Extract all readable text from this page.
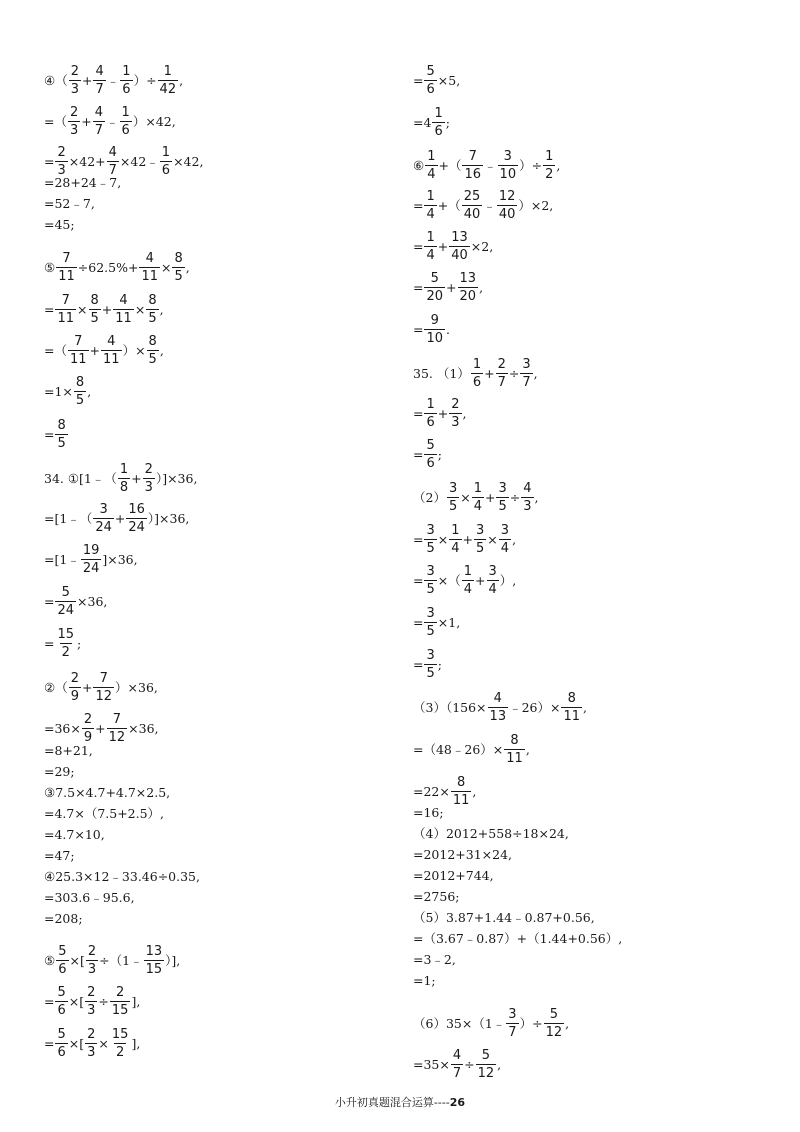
④（ $\frac{2}{3} + \frac{4}{7}$ ﹣ $\frac{1}{6}$ ）÷ $\frac{1}{42}$ ,
=（ $\frac{2}{3} + \frac{4}{7}$ ﹣ $\frac{1}{6} )\times 42$,
= $\frac{2}{3} \times 42+ \frac{4}{7}$ ×42﹣ $\frac{1}{6} \times 42$,
=28+24﹣7,
=52﹣7,
=45;
⑤ $\frac{7}{11} \div 62.5\%+ \frac{4}{11} \times \frac{8}{5}$ ,
= $\frac{7}{11} \times \frac{8}{5} + \frac{4}{11} \times \frac{8}{5}$ ,
=（ $\frac{7}{11} + \frac{4}{11}$ ）× $\frac{8}{5}$ ,
$=1\times \frac{8}{5}$ ,
= $\frac{8}{5}$
34. ①[1﹣（ $\frac{1}{8} + \frac{2}{3} )]\times 36$,
=[1﹣（ $\frac{3}{24} + \frac{16}{24} )]\times 36$,
=[1﹣ $\frac{19}{24} ]\times 36$,
= $\frac{5}{24} \times 36$,
= $\frac{15}{2}$ ;
②（ $\frac{2}{9} + \frac{7}{12} )\times 36$,
$=36\times \frac{2}{9} + \frac{7}{12} \times 36$,
=8+21,
=29;
③7.5×4.7+4.7×2.5,
=4.7×（7.5+2.5）,
=4.7×10,
=47;
④25.3×12﹣33.46÷0.35,
=303.6﹣95.6,
=208;
⑤ $\frac{5}{6}$ ×[ $\frac{2}{3}$ ÷（1﹣ $\frac{13}{15}$ ）],
= $\frac{5}{6}$ ×[ $\frac{2}{3} \div \frac{2}{15}$ ],
= $\frac{5}{6}$ ×[ $\frac{2}{3} \times \frac{15}{2}$ ],
= $\frac{5}{6} \times 5$,
$=4 \frac{1}{6}$ ;
⑥ $\frac{1}{4}$ +（ $\frac{7}{16}$ ﹣ $\frac{3}{10}$ ）÷ $\frac{1}{2}$ ,
= $\frac{1}{4}$ +（ $\frac{25}{40}$ ﹣ $\frac{12}{40} )\times 2$,
= $\frac{1}{4} + \frac{13}{40} \times 2$,
= $\frac{5}{20} + \frac{13}{20}$ ,
= $\frac{9}{10}$ .
35. $(1) \frac{1}{6} + \frac{2}{7} \div \frac{3}{7}$ ,
= $\frac{1}{6} + \frac{2}{3}$ ,
= $\frac{5}{6}$ ;
$(2) \frac{3}{5} \times \frac{1}{4} + \frac{3}{5} \div \frac{4}{3}$ ,
= $\frac{3}{5} \times \frac{1}{4} + \frac{3}{5} \times \frac{3}{4}$ ,
= $\frac{3}{5}$ ×（ $\frac{1}{4} + \frac{3}{4}$ ）,
= $\frac{3}{5} \times 1$,
= $\frac{3}{5}$ ;
$(3)(156\times \frac{4}{13}$ ﹣26）× $\frac{8}{11}$ ,
=（48﹣26）× $\frac{8}{11}$ ,
$=22\times \frac{8}{11}$ ,
=16;
（4）2012+558÷18×24,
=2012+31×24,
=2012+744,
=2756;
（5）3.87+1.44﹣0.87+0.56,
=（3.67﹣0.87）+（1.44+0.56）,
=3﹣2,
=1;
（6）35×（1﹣ $\frac{3}{7}$ ）÷ $\frac{5}{12}$ ,
$=35\times \frac{4}{7} \div \frac{5}{12}$ ,
小升初真题混合运算----26
